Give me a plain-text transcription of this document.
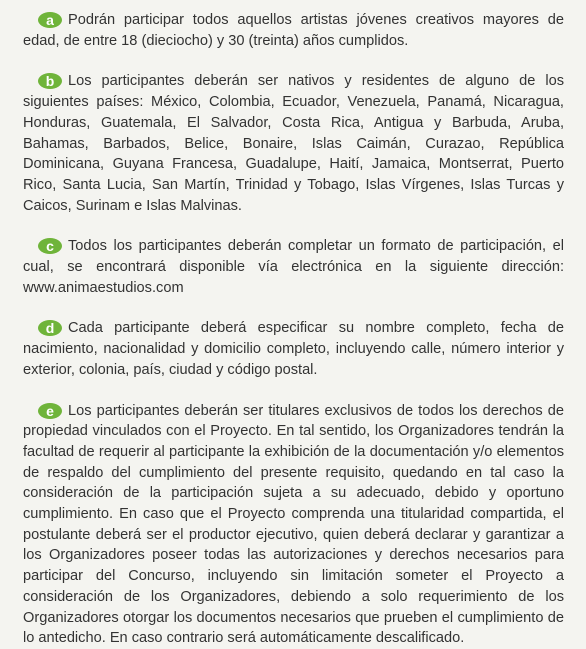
a Podrán participar todos aquellos artistas jóvenes creativos mayores de edad, de entre 18 (dieciocho) y 30 (treinta) años cumplidos.

b Los participantes deberán ser nativos y residentes de alguno de los siguientes países: México, Colombia, Ecuador, Venezuela, Panamá, Nicaragua, Honduras, Guatemala, El Salvador, Costa Rica, Antigua y Barbuda, Aruba, Bahamas, Barbados, Belice, Bonaire, Islas Caimán, Curazao, República Dominicana, Guyana Francesa, Guadalupe, Haití, Jamaica, Montserrat, Puerto Rico, Santa Lucia, San Martín, Trinidad y Tobago, Islas Vírgenes, Islas Turcas y Caicos, Surinam e Islas Malvinas.

c Todos los participantes deberán completar un formato de participación, el cual, se encontrará disponible vía electrónica en la siguiente dirección: www.animaestudios.com

d Cada participante deberá especificar su nombre completo, fecha de nacimiento, nacionalidad y domicilio completo, incluyendo calle, número interior y exterior, colonia, país, ciudad y código postal.

e Los participantes deberán ser titulares exclusivos de todos los derechos de propiedad vinculados con el Proyecto. En tal sentido, los Organizadores tendrán la facultad de requerir al participante la exhibición de la documentación y/o elementos de respaldo del cumplimiento del presente requisito, quedando en tal caso la consideración de la participación sujeta a su adecuado, debido y oportuno cumplimiento. En caso que el Proyecto comprenda una titularidad compartida, el postulante deberá ser el productor ejecutivo, quien deberá declarar y garantizar a los Organizadores poseer todas las autorizaciones y derechos necesarios para participar del Concurso, incluyendo sin limitación someter el Proyecto a consideración de los Organizadores, debiendo a solo requerimiento de los Organizadores otorgar los documentos necesarios que prueben el cumplimiento de lo antedicho. En caso contrario será automáticamente descalificado.
